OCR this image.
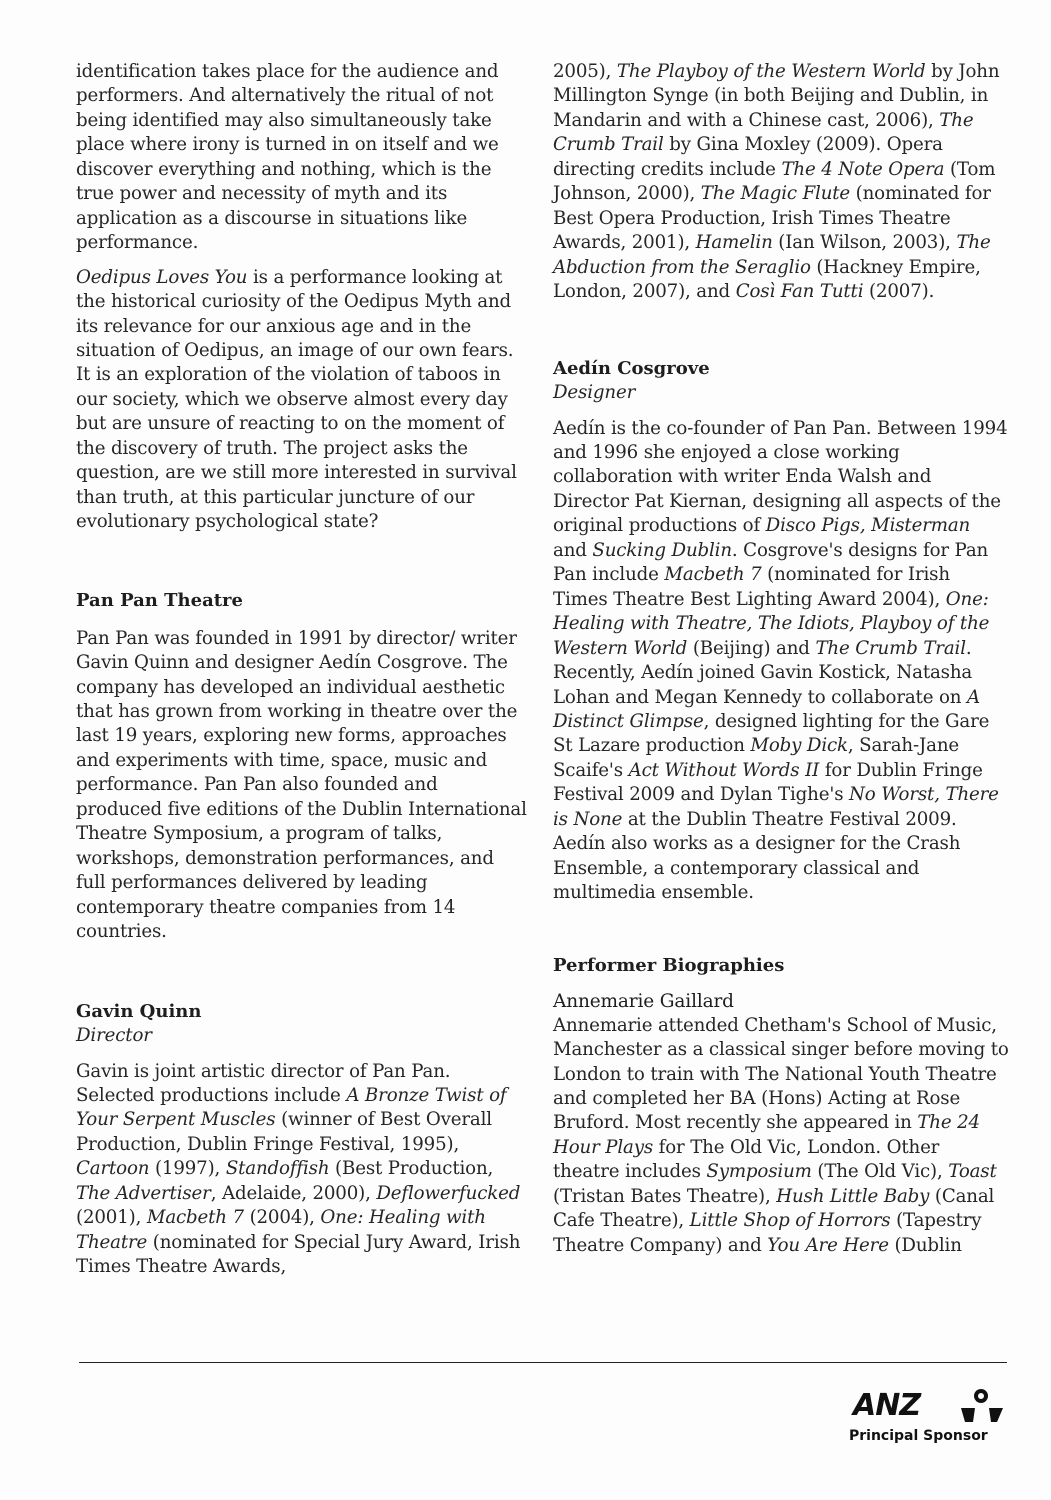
identification takes place for the audience and performers. And alternatively the ritual of not being identified may also simultaneously take place where irony is turned in on itself and we discover everything and nothing, which is the true power and necessity of myth and its application as a discourse in situations like performance.

Oedipus Loves You is a performance looking at the historical curiosity of the Oedipus Myth and its relevance for our anxious age and in the situation of Oedipus, an image of our own fears. It is an exploration of the violation of taboos in our society, which we observe almost every day but are unsure of reacting to on the moment of the discovery of truth. The project asks the question, are we still more interested in survival than truth, at this particular juncture of our evolutionary psychological state?

Pan Pan Theatre

Pan Pan was founded in 1991 by director/ writer Gavin Quinn and designer Aedín Cosgrove. The company has developed an individual aesthetic that has grown from working in theatre over the last 19 years, exploring new forms, approaches and experiments with time, space, music and performance. Pan Pan also founded and produced five editions of the Dublin International Theatre Symposium, a program of talks, workshops, demonstration performances, and full performances delivered by leading contemporary theatre companies from 14 countries.

Gavin Quinn

Director

Gavin is joint artistic director of Pan Pan. Selected productions include A Bronze Twist of Your Serpent Muscles (winner of Best Overall Production, Dublin Fringe Festival, 1995), Cartoon (1997), Standoffish (Best Production, The Advertiser, Adelaide, 2000), Deflowerfucked (2001), Macbeth 7 (2004), One: Healing with Theatre (nominated for Special Jury Award, Irish Times Theatre Awards,

2005), The Playboy of the Western World by John Millington Synge (in both Beijing and Dublin, in Mandarin and with a Chinese cast, 2006), The Crumb Trail by Gina Moxley (2009). Opera directing credits include The 4 Note Opera (Tom Johnson, 2000), The Magic Flute (nominated for Best Opera Production, Irish Times Theatre Awards, 2001), Hamelin (Ian Wilson, 2003), The Abduction from the Seraglio (Hackney Empire, London, 2007), and Così Fan Tutti (2007).

Aedín Cosgrove

Designer

Aedín is the co-founder of Pan Pan. Between 1994 and 1996 she enjoyed a close working collaboration with writer Enda Walsh and Director Pat Kiernan, designing all aspects of the original productions of Disco Pigs, Misterman and Sucking Dublin. Cosgrove's designs for Pan Pan include Macbeth 7 (nominated for Irish Times Theatre Best Lighting Award 2004), One: Healing with Theatre, The Idiots, Playboy of the Western World (Beijing) and The Crumb Trail. Recently, Aedín joined Gavin Kostick, Natasha Lohan and Megan Kennedy to collaborate on A Distinct Glimpse, designed lighting for the Gare St Lazare production Moby Dick, Sarah-Jane Scaife's Act Without Words II for Dublin Fringe Festival 2009 and Dylan Tighe's No Worst, There is None at the Dublin Theatre Festival 2009. Aedín also works as a designer for the Crash Ensemble, a contemporary classical and multimedia ensemble.

Performer Biographies

Annemarie Gaillard

Annemarie attended Chetham's School of Music, Manchester as a classical singer before moving to London to train with The National Youth Theatre and completed her BA (Hons) Acting at Rose Bruford. Most recently she appeared in The 24 Hour Plays for The Old Vic, London. Other theatre includes Symposium (The Old Vic), Toast (Tristan Bates Theatre), Hush Little Baby (Canal Cafe Theatre), Little Shop of Horrors (Tapestry Theatre Company) and You Are Here (Dublin

ANZ
Principal Sponsor
